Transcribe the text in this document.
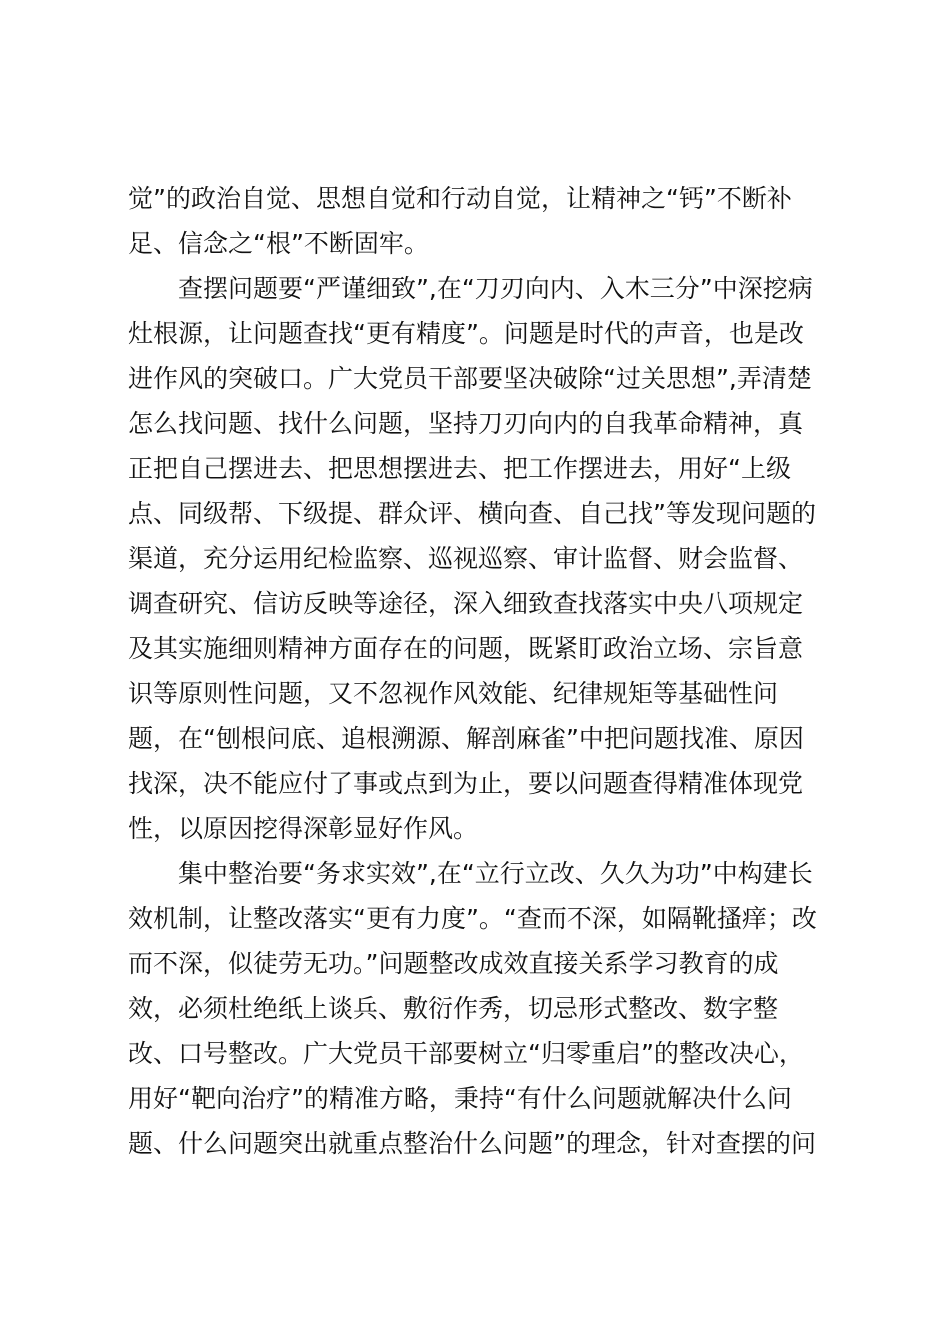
觉”的政治自觉、思想自觉和行动自觉，让精神之“钙”不断补
足、信念之“根”不断固牢。
查摆问题要“严谨细致”,在“刀刃向内、入木三分”中深挖病
灶根源，让问题查找“更有精度”。问题是时代的声音，也是改
进作风的突破口。广大党员干部要坚决破除“过关思想”,弄清楚
怎么找问题、找什么问题，坚持刀刃向内的自我革命精神，真
正把自己摆进去、把思想摆进去、把工作摆进去，用好“上级
点、同级帮、下级提、群众评、横向查、自己找”等发现问题的
渠道，充分运用纪检监察、巡视巡察、审计监督、财会监督、
调查研究、信访反映等途径，深入细致查找落实中央八项规定
及其实施细则精神方面存在的问题，既紧盯政治立场、宗旨意
识等原则性问题，又不忽视作风效能、纪律规矩等基础性问
题，在“刨根问底、追根溯源、解剖麻雀”中把问题找准、原因
找深，决不能应付了事或点到为止，要以问题查得精准体现党
性，以原因挖得深彰显好作风。
集中整治要“务求实效”,在“立行立改、久久为功”中构建长
效机制，让整改落实“更有力度”。“查而不深，如隔靴搔痒；改
而不深，似徒劳无功。”问题整改成效直接关系学习教育的成
效，必须杜绝纸上谈兵、敷衍作秀，切忌形式整改、数字整
改、口号整改。广大党员干部要树立“归零重启”的整改决心，
用好“靶向治疗”的精准方略，秉持“有什么问题就解决什么问
题、什么问题突出就重点整治什么问题”的理念，针对查摆的问
